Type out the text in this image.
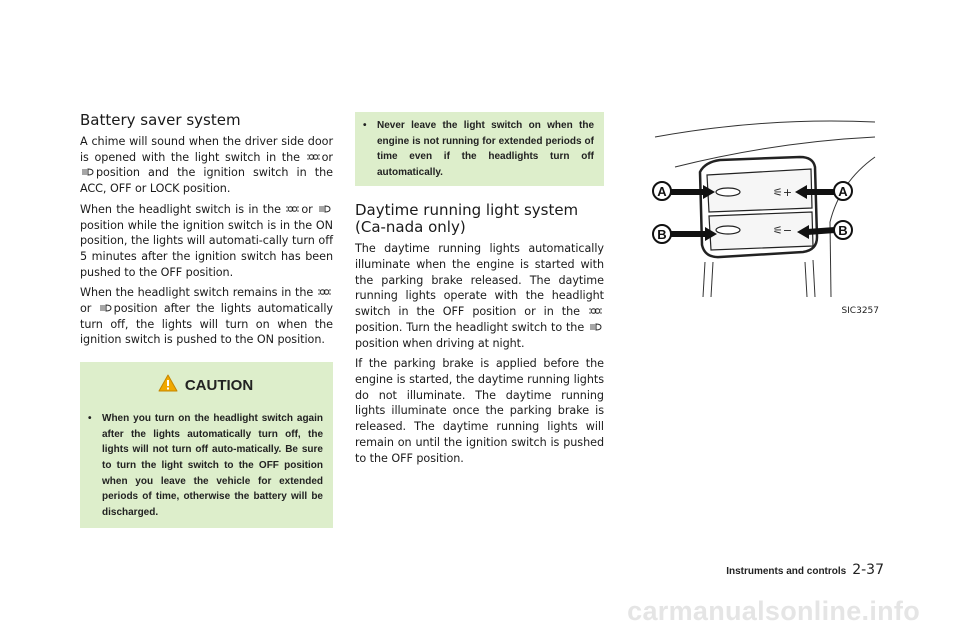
Battery saver system

A chime will sound when the driver side door is opened with the light switch in the or
position and the ignition switch in the ACC, OFF or LOCK position.

When the headlight switch is in the or
position while the ignition switch is in the ON position, the lights will automati-cally turn off 5 minutes after the ignition switch has been pushed to the OFF position.

When the headlight switch remains in the
or position after the lights automatically turn off, the lights will turn on when the ignition switch is pushed to the ON position.

CAUTION
•	When you turn on the headlight switch again after the lights automatically turn off, the lights will not turn off auto-matically. Be sure to turn the light switch to the OFF position when you leave the vehicle for extended periods of time, otherwise the battery will be discharged.
•	Never leave the light switch on when the engine is not running for extended periods of time even if the headlights turn off automatically.
Daytime running light system (Ca-nada only)

The daytime running lights automatically illuminate when the engine is started with the parking brake released. The daytime running lights operate with the headlight switch in the OFF position or in the
position. Turn the headlight switch to the
position when driving at night.

If the parking brake is applied before the engine is started, the daytime running lights do not illuminate. The daytime running lights illuminate once the parking brake is released. The daytime running lights will remain on until the ignition switch is pushed to the OFF position.

⚟+
⚟−
A
B
A
B
SIC3257
Instruments and controls 2-37
carmanualsonline.info
